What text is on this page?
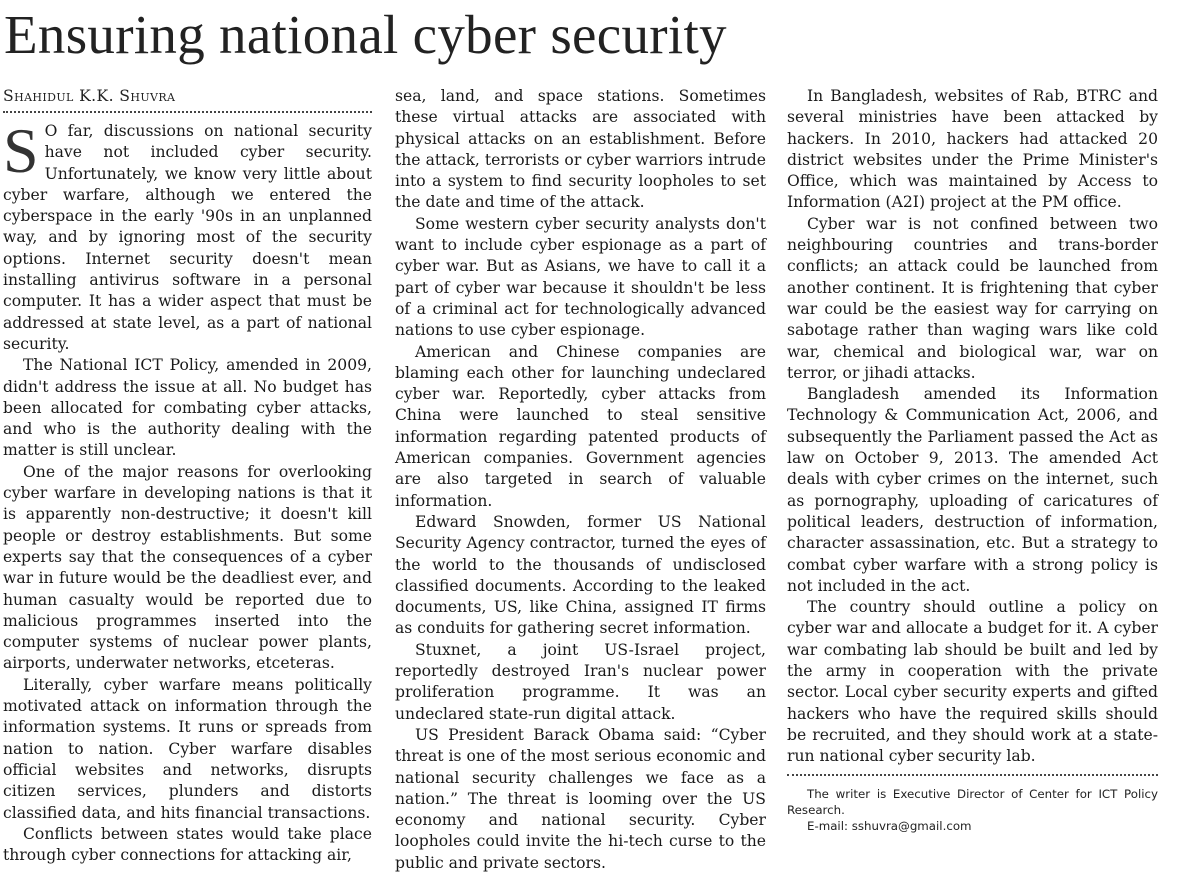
Ensuring national cyber security
Shahidul K.K. Shuvra

S O far, discussions on national security have not included cyber security. Unfortunately, we know very little about cyber warfare, although we entered the cyberspace in the early '90s in an unplanned way, and by ignoring most of the security options. Internet security doesn't mean installing antivirus software in a personal computer. It has a wider aspect that must be addressed at state level, as a part of national security.

The National ICT Policy, amended in 2009, didn't address the issue at all. No budget has been allocated for combating cyber attacks, and who is the authority dealing with the matter is still unclear.

One of the major reasons for overlooking cyber warfare in developing nations is that it is apparently non-destructive; it doesn't kill people or destroy establishments. But some experts say that the consequences of a cyber war in future would be the deadliest ever, and human casualty would be reported due to malicious programmes inserted into the computer systems of nuclear power plants, airports, underwater networks, etceteras.

Literally, cyber warfare means politically motivated attack on information through the information systems. It runs or spreads from nation to nation. Cyber warfare disables official websites and networks, disrupts citizen services, plunders and distorts classified data, and hits financial transactions.

Conflicts between states would take place through cyber connections for attacking air,

sea, land, and space stations. Sometimes these virtual attacks are associated with physical attacks on an establishment. Before the attack, terrorists or cyber warriors intrude into a system to find security loopholes to set the date and time of the attack.

Some western cyber security analysts don't want to include cyber espionage as a part of cyber war. But as Asians, we have to call it a part of cyber war because it shouldn't be less of a criminal act for technologically advanced nations to use cyber espionage.

American and Chinese companies are blaming each other for launching undeclared cyber war. Reportedly, cyber attacks from China were launched to steal sensitive information regarding patented products of American companies. Government agencies are also targeted in search of valuable information.

Edward Snowden, former US National Security Agency contractor, turned the eyes of the world to the thousands of undisclosed classified documents. According to the leaked documents, US, like China, assigned IT firms as conduits for gathering secret information.

Stuxnet, a joint US-Israel project, reportedly destroyed Iran's nuclear power proliferation programme. It was an undeclared state-run digital attack.

US President Barack Obama said: “Cyber threat is one of the most serious economic and national security challenges we face as a nation.” The threat is looming over the US economy and national security. Cyber loopholes could invite the hi-tech curse to the public and private sectors.

In Bangladesh, websites of Rab, BTRC and several ministries have been attacked by hackers. In 2010, hackers had attacked 20 district websites under the Prime Minister's Office, which was maintained by Access to Information (A2I) project at the PM office.

Cyber war is not confined between two neighbouring countries and trans-border conflicts; an attack could be launched from another continent. It is frightening that cyber war could be the easiest way for carrying on sabotage rather than waging wars like cold war, chemical and biological war, war on terror, or jihadi attacks.

Bangladesh amended its Information Technology & Communication Act, 2006, and subsequently the Parliament passed the Act as law on October 9, 2013. The amended Act deals with cyber crimes on the internet, such as pornography, uploading of caricatures of political leaders, destruction of information, character assassination, etc. But a strategy to combat cyber warfare with a strong policy is not included in the act.

The country should outline a policy on cyber war and allocate a budget for it. A cyber war combating lab should be built and led by the army in cooperation with the private sector. Local cyber security experts and gifted hackers who have the required skills should be recruited, and they should work at a state-run national cyber security lab.

The writer is Executive Director of Center for ICT Policy Research.

E-mail: sshuvra@gmail.com
